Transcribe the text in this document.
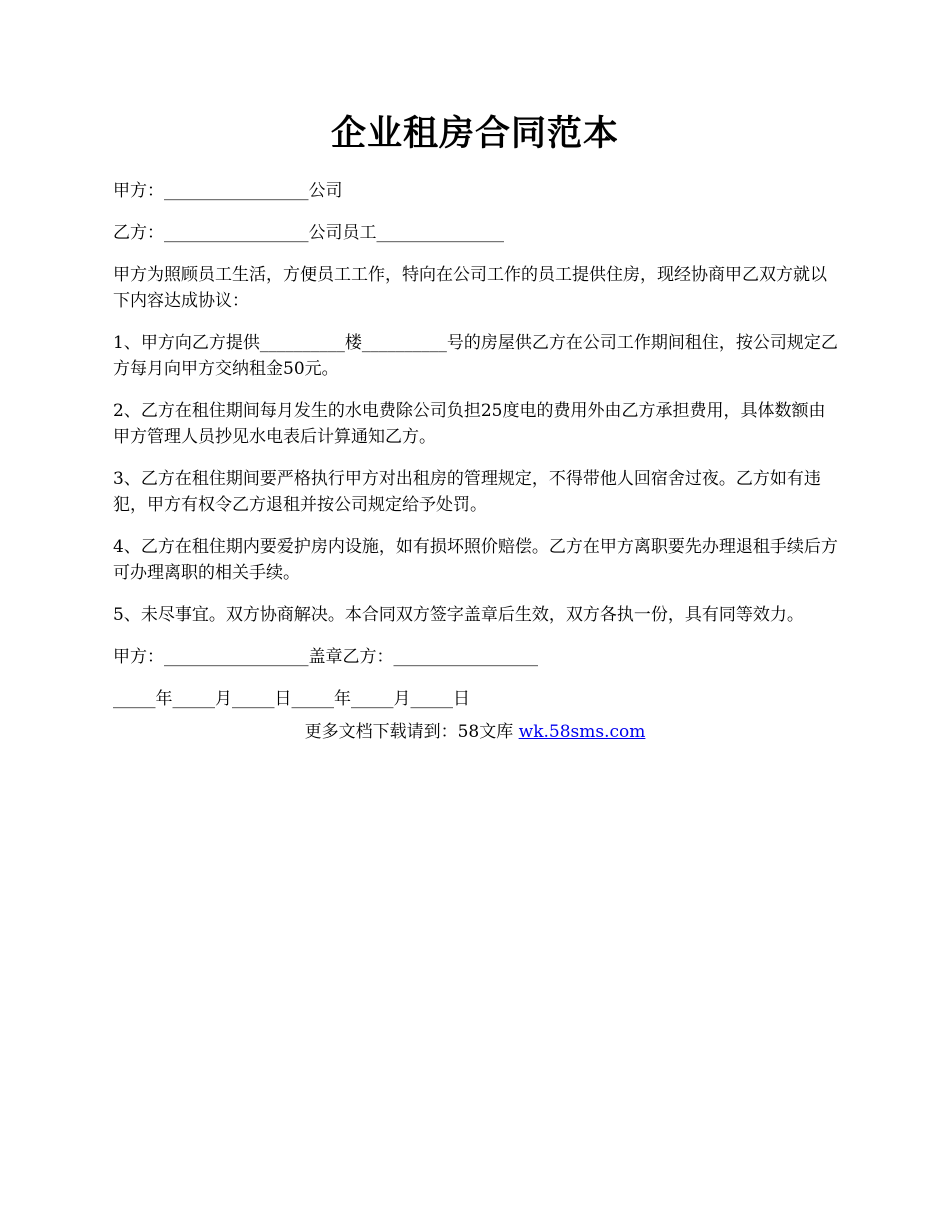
企业租房合同范本

甲方：_________________公司

乙方：_________________公司员工_______________

甲方为照顾员工生活，方便员工工作，特向在公司工作的员工提供住房，现经协商甲乙双方就以下内容达成协议：

1、甲方向乙方提供__________楼__________号的房屋供乙方在公司工作期间租住，按公司规定乙方每月向甲方交纳租金50元。

2、乙方在租住期间每月发生的水电费除公司负担25度电的费用外由乙方承担费用，具体数额由甲方管理人员抄见水电表后计算通知乙方。

3、乙方在租住期间要严格执行甲方对出租房的管理规定，不得带他人回宿舍过夜。乙方如有违犯，甲方有权令乙方退租并按公司规定给予处罚。

4、乙方在租住期内要爱护房内设施，如有损坏照价赔偿。乙方在甲方离职要先办理退租手续后方可办理离职的相关手续。

5、未尽事宜。双方协商解决。本合同双方签字盖章后生效，双方各执一份，具有同等效力。

甲方：_________________盖章乙方：_________________

_____年_____月_____日_____年_____月_____日

更多文档下载请到：58文库 wk.58sms.com
